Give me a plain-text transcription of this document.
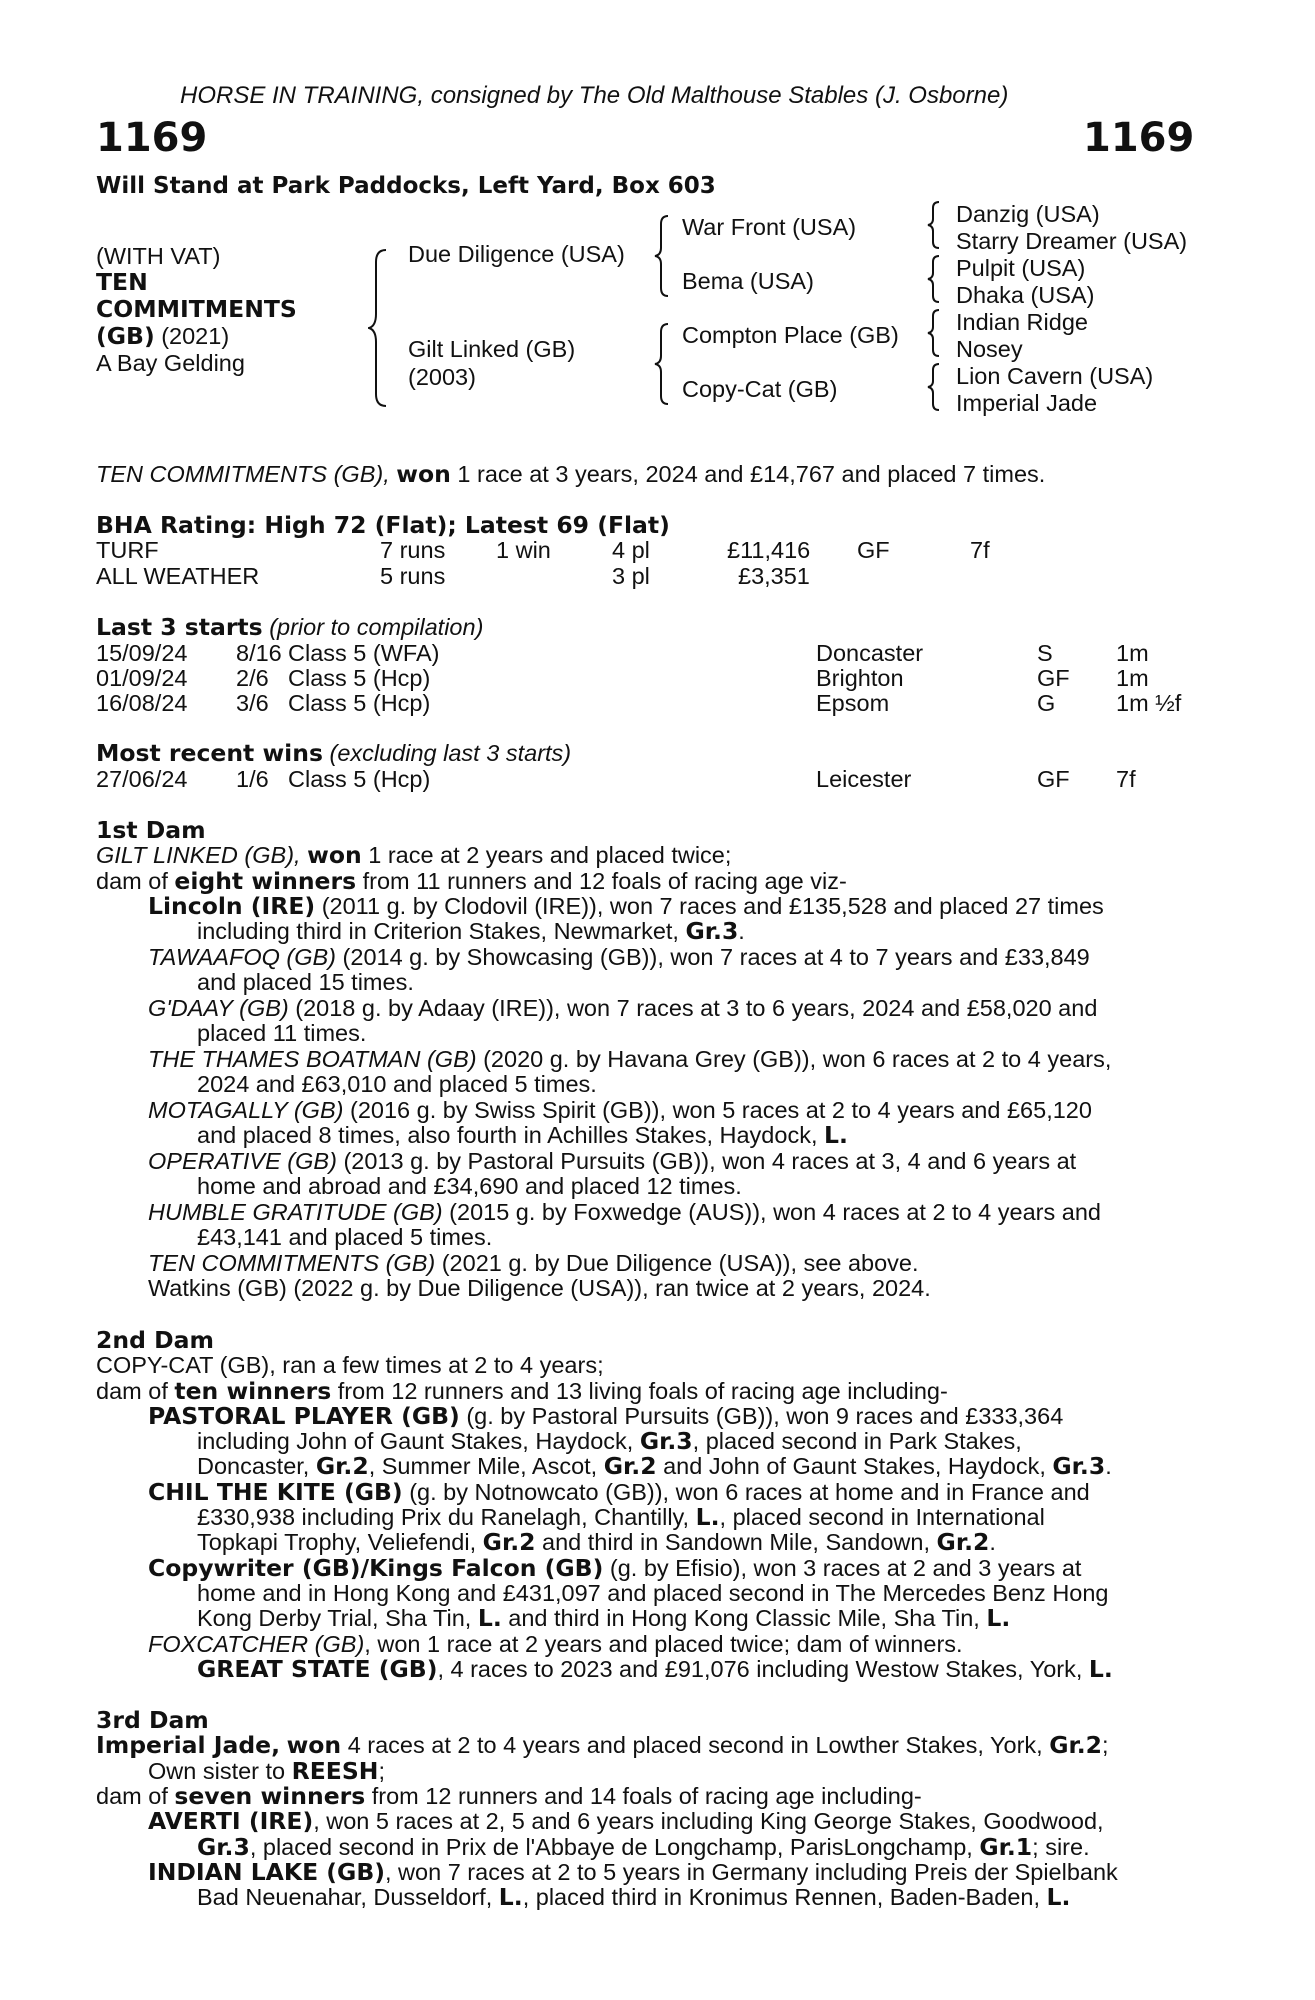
HORSE IN TRAINING, consigned by The Old Malthouse Stables (J. Osborne)
1169	1169
Will Stand at Park Paddocks, Left Yard, Box 603
(WITH VAT)
TEN
COMMITMENTS
(GB) (2021)
A Bay Gelding
Due Diligence (USA)
Gilt Linked (GB)
(2003)
War Front (USA)
Bema (USA)
Compton Place (GB)
Copy-Cat (GB)
Danzig (USA)
Starry Dreamer (USA)
Pulpit (USA)
Dhaka (USA)
Indian Ridge
Nosey
Lion Cavern (USA)
Imperial Jade
TEN COMMITMENTS (GB), won 1 race at 3 years, 2024 and £14,767 and placed 7 times.
BHA Rating: High 72 (Flat); Latest 69 (Flat)
TURF	7 runs 1 win	4 pl	£11,416 GF	7f
ALL WEATHER	5 runs	3 pl	£3,351
Last 3 starts (prior to compilation)
15/09/24 8/16 Class 5 (WFA)	Doncaster	S	1m
01/09/24 2/6 Class 5 (Hcp)	Brighton	GF 1m
16/08/24 3/6 Class 5 (Hcp)	Epsom	G	1m ½f
Most recent wins (excluding last 3 starts)
27/06/24 1/6 Class 5 (Hcp)	Leicester	GF 7f
1st Dam
GILT LINKED (GB), won 1 race at 2 years and placed twice;
dam of eight winners from 11 runners and 12 foals of racing age viz-
Lincoln (IRE) (2011 g. by Clodovil (IRE)), won 7 races and £135,528 and placed 27 times
including third in Criterion Stakes, Newmarket, Gr.3.
TAWAAFOQ (GB) (2014 g. by Showcasing (GB)), won 7 races at 4 to 7 years and £33,849
and placed 15 times.
G'DAAY (GB) (2018 g. by Adaay (IRE)), won 7 races at 3 to 6 years, 2024 and £58,020 and
placed 11 times.
THE THAMES BOATMAN (GB) (2020 g. by Havana Grey (GB)), won 6 races at 2 to 4 years,
2024 and £63,010 and placed 5 times.
MOTAGALLY (GB) (2016 g. by Swiss Spirit (GB)), won 5 races at 2 to 4 years and £65,120
and placed 8 times, also fourth in Achilles Stakes, Haydock, L.
OPERATIVE (GB) (2013 g. by Pastoral Pursuits (GB)), won 4 races at 3, 4 and 6 years at
home and abroad and £34,690 and placed 12 times.
HUMBLE GRATITUDE (GB) (2015 g. by Foxwedge (AUS)), won 4 races at 2 to 4 years and
£43,141 and placed 5 times.
TEN COMMITMENTS (GB) (2021 g. by Due Diligence (USA)), see above.
Watkins (GB) (2022 g. by Due Diligence (USA)), ran twice at 2 years, 2024.
2nd Dam
COPY-CAT (GB), ran a few times at 2 to 4 years;
dam of ten winners from 12 runners and 13 living foals of racing age including-
PASTORAL PLAYER (GB) (g. by Pastoral Pursuits (GB)), won 9 races and £333,364
including John of Gaunt Stakes, Haydock, Gr.3, placed second in Park Stakes,
Doncaster, Gr.2, Summer Mile, Ascot, Gr.2 and John of Gaunt Stakes, Haydock, Gr.3.
CHIL THE KITE (GB) (g. by Notnowcato (GB)), won 6 races at home and in France and
£330,938 including Prix du Ranelagh, Chantilly, L., placed second in International
Topkapi Trophy, Veliefendi, Gr.2 and third in Sandown Mile, Sandown, Gr.2.
Copywriter (GB)/Kings Falcon (GB) (g. by Efisio), won 3 races at 2 and 3 years at
home and in Hong Kong and £431,097 and placed second in The Mercedes Benz Hong
Kong Derby Trial, Sha Tin, L. and third in Hong Kong Classic Mile, Sha Tin, L.
FOXCATCHER (GB), won 1 race at 2 years and placed twice; dam of winners.
GREAT STATE (GB), 4 races to 2023 and £91,076 including Westow Stakes, York, L.
3rd Dam
Imperial Jade, won 4 races at 2 to 4 years and placed second in Lowther Stakes, York, Gr.2;
Own sister to REESH;
dam of seven winners from 12 runners and 14 foals of racing age including-
AVERTI (IRE), won 5 races at 2, 5 and 6 years including King George Stakes, Goodwood,
Gr.3, placed second in Prix de l'Abbaye de Longchamp, ParisLongchamp, Gr.1; sire.
INDIAN LAKE (GB), won 7 races at 2 to 5 years in Germany including Preis der Spielbank
Bad Neuenahar, Dusseldorf, L., placed third in Kronimus Rennen, Baden-Baden, L.
